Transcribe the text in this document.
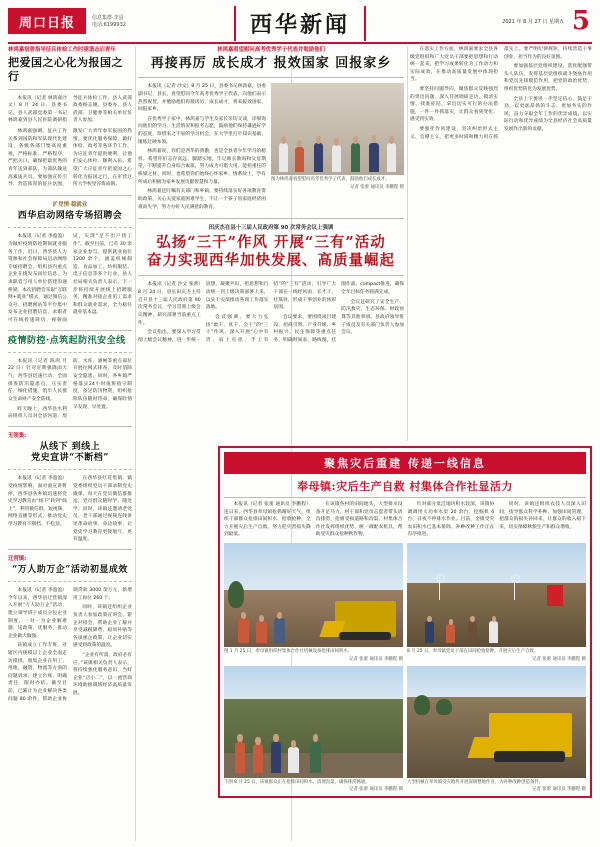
周口日报	信息集群·李县
电话:6199932	西华新闻	2021 年 8 月 27 日 星期五 5
林鸿嘉宿曾指导征兵体检工作时亟谐志启青年
把爱国之心化为报国之行

本报讯（记者 林鸿嘉沙文）8 月 24 日，县委书记、县人武部党委第一书记林鸿嘉到县人民医院调研指导征兵体检工作。县人武部政委杨志刚，县委办、县人武部、卫健委等相关单位负责人参加。

林鸿嘉强调，征兵工作关系到国防和军队现代化建设，各级各部门要高度重视，严格标准、严格程序、严把关口，确保把最优秀的青年送到部队，为部队输送高素质兵员。要加强宣传引导，营造浓厚的征兵氛围，激发广大青年参军报国的热情。要优化服务保障，做好体检、政考等各环节工作，为应征青年提供便利，让他们安心体检、顺利入伍。希望广大应征青年把爱国之心转化为报国之行，在军营这所大学校里淬炼成钢。

扩党情·稳就业
西华启动网络专场招聘会

本报讯（记者 李盈盈）为做好疫情防控期间就业服务工作，近日，西华县人力资源和社会保障局启动网络专场招聘会，组织县内重点企业在线发布岗位信息，为求职者与用人单位搭建沟通桥梁。本次招聘会采取“互联网+就业”模式，通过微信公众号、招聘网站等平台集中发布企业招聘信息，求职者可在线投递简历、视频面试，实现“足不出户找工作”。截至目前，已有 30 余家企业参与，提供就业岗位 1200 余个，涵盖机械制造、食品加工、纺织服装、电子信息等多个行业。县人社局相关负责人表示，下一步将持续开展线上招聘服务，精准对接企业用工需求和群众就业需求，全力稳住就业基本盘。

疫情防控·点筑起防汛安全线

本报讯（记者 陈鸿 月 22 日）针对近期强降雨天气，西华县迅速行动，全面排查防汛隐患点，压实责任、细化措施，筑牢人民群众生命财产安全防线。

昨天晚上，西华县水利局组织人员对全县河道、堤防、水库、涵闸等重点部位开展拉网式排查，及时消除安全隐患。同时，各乡镇严格落实24小时值班值守制度，备足防汛物资，组织抢险队伍随时待命，确保险情早发现、早处置。

无领集:
从线下 到线上
党史宣讲“不断档”

本报讯（记者 李盈盈）受疫情影响，面对面宣讲暂停，西华县各乡镇迅速将党史学习教育由“线下”转到“线上”，利用微信群、短视频、网络直播等形式，推动党史学习教育不断档、不松劲。

在西华县红花集镇，镇党委组织党员干部录制党史微课，每天在党员微信群推送，党员群众随时学、随处学。同时，该镇还邀请老党员、老干部通过视频连线讲述革命故事、身边故事，让党史学习教育更接地气、更有温度。

迁营镇:
“万人助万企”活动初显成效

本报讯（记者 李盈盈）今年以来，西华县迁营镇深入开展“万人助万企”活动，建立领导班子成员分包企业制度，一对一为企业解难题、送政策、优服务，推动企业做大做强。

该镇成立工作专班，对辖区内规模以上企业全面走访摸排，收集企业在用工、用地、融资、物流等方面的问题诉求，建立台账、明确责任、限时办结。截至目前，已累计为企业解决各类问题 80 余件，帮助企业协调贷款 3000 余万元，新增用工岗位 260 个。

同时，该镇还组织企业负责人参加政策宣讲会、银企对接会，帮助企业了解并享受减税降费、稳岗补贴等各项惠企政策，让企业切实感受到政策的温度。

“企业有所需，政府必有应。”该镇相关负责人表示，将持续强化服务意识，当好企业“店小二”，以一流营商环境助推镇域经济高质量发展。

林鸿嘉看望慰问高考优秀学子代表并勉励他们
再接再厉 成长成才 报效国家 回报家乡

本报讯（记者 沙文）8 月 25 日，县委书记林鸿嘉，县委副书记、县长，看望慰问今年高考优秀学子代表，向他们表示热烈祝贺，并勉励他们再接再厉、成长成才，将来报效国家、回报家乡。

在优秀学子家中，林鸿嘉与学生及家长亲切交谈，详细询问他们的学习、生活情况和报考志愿，鼓励他们保持谦逊好学的态度，珍惜来之不易的学习机会，在大学里打牢知识基础、锤炼过硬本领。

林鸿嘉说，你们是西华的骄傲，也是全县青少年学习的榜样。希望你们志存高远、脚踏实地，牢记师长教诲和父母期望，不断提升自身综合素质，努力成为可堪大用、能担重任的栋梁之材。同时，也希望你们始终心怀家乡、情系故土，学有所成后积极为家乡发展贡献智慧和力量。

林鸿嘉还叮嘱有关部门和乡镇，要持续落实好各项教育资助政策，关心关爱家庭困难学生，不让一个孩子因家庭经济困难而失学，努力办好人民满意的教育。

图为林鸿嘉看望慰问高考优秀学子代表，鼓励他们成长成才。
记者 张蕾 通讯员 李鹏程 摄
田庆杰在县十三届人民政府第 90 次常务会议上强调
弘扬“三干”作风 开展“三有”活动
奋力实现西华加快发展、高质量崛起

本报讯（记者 沙文 张蕾）8 月 24 日，县长田庆杰主持召开县十三届人民政府第 90 次常务会议，学习贯彻上级会议精神，研究部署当前重点工作。

会议指出，要深入学习贯彻上级会议精神，进一步统一思想、凝聚共识，把思想和行动统一到上级决策部署上来，以实干实绩推动各项工作落实落地。

会议强调，要大力弘扬“敢干、真干、会干”的“三干”作风，深入开展“心中有责、肩上有担、手上有招”的“三有”活动，引导广大干部在一线经风雨、长才干、壮筋骨，形成干事创业的浓厚氛围。

会议要求，要围绕项目建设、招商引资、产业升级、乡村振兴、民生保障等重点任务，明确时间表、路线图，挂图作战、compact推进，确保全年目标任务圆满完成。

会议还研究了安全生产、防汛救灾、生态环保、财政预算等其他事项。县政府领导班子成员及有关部门负责人参加会议。

在落实工作方面，林鸿嘉要求全县各级党组织和广大党员干部要把思想和行动统一起来，把学习成果转化为工作动力和实际成效，在推动高质量发展中体现担当。

要坚持问题导向，聚焦群众反映强烈的突出问题，深入开展调研走访，摸清实情、找准症结，拿出切实可行的办法措施，一件一件抓落实，让群众看到变化、感受到实效。

要强化作风建设，坚决纠治形式主义、官僚主义，把更多时间和精力用在抓落实上。要严明纪律规矩，持续营造干事创业、担当作为的良好氛围。

要加强基层党组织建设，选优配强带头人队伍，发挥基层党组织战斗堡垒作用和党员先锋模范作用，把党的政治优势、组织优势转化为发展优势。

全县上下要进一步坚定信心、鼓足干劲，以更加昂扬的斗志、更加务实的作风，奋力夺取全年工作的优异成绩，以实际行动和优异成绩为全县经济社会高质量发展作出新的贡献。

聚焦灾后重建 传递一线信息
奉母镇:灾后生产自救 村集体合作社显活力

本报讯（记者 张蕾 通讯员 李鹏程）连日来，西华县奉母镇抢抓晴好天气，组织干部群众抢排田间积水、抢收抢种，全力开展灾后生产自救，努力把灾害损失降到最低。

在该镇各村的田间地头，大型排水设备开足马力，村干部和党员志愿者带头清沟排涝，抢修受损道路和沟渠。村集体合作社发挥组织优势，统一调配农机具，帮助受灾群众抢种秋作物。

针对部分低洼地块积水较深，该镇协调调用大功率水泵 20 余台、挖掘机 6 台，日夜不停排水作业。目前，全镇受灾农田积水已基本排除，补种改种工作正在有序推进。

同时，该镇还组织农技人员深入田间，指导群众科学补种、加强田间管理，把群众的损失补回来，让群众的收入稳下来，切实保障秋粮生产和群众增收。

图 1 月 25 日，奉母镇组织村集体合作社机械设备抢排田间积水。
记者 张蕾 通讯员 李鹏程 摄
8 月 25 日，奉母镇党员干部在田间抢收抢种，开展灾后生产自救。
记者 张蕾 通讯员 李鹏程 摄
下图 8 月 25 日，该镇群众正在抢排田间积水、清理沟渠，确保排涝畅通。
记者 张蕾 通讯员 李鹏程 摄
大型机械在奉母镇受灾地块开展深耕整地作业，为补种改种创造条件。
记者 张蕾 通讯员 李鹏程 摄
